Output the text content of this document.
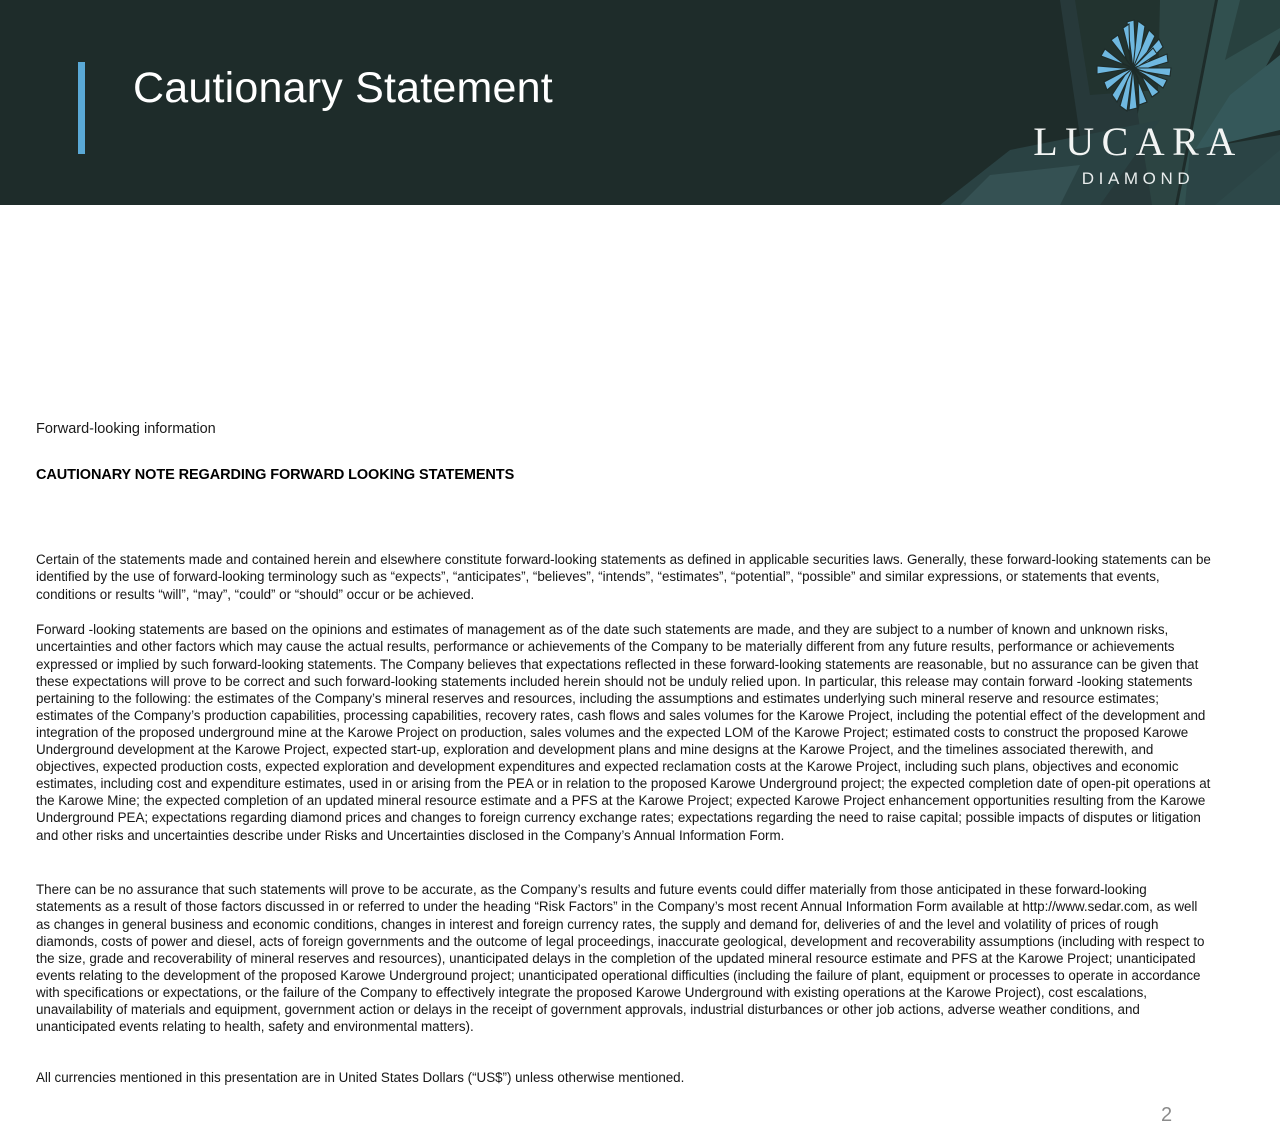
Cautionary Statement
LUCARA
DIAMOND
Forward-looking information
CAUTIONARY NOTE REGARDING FORWARD LOOKING STATEMENTS

Certain of the statements made and contained herein and elsewhere constitute forward-looking statements as defined in applicable securities laws. Generally, these forward-looking statements can be identified by the use of forward-looking terminology such as “expects”, “anticipates”, “believes”, “intends”, “estimates”, “potential”, “possible” and similar expressions, or statements that events, conditions or results “will”, “may”, “could” or “should” occur or be achieved.

Forward -looking statements are based on the opinions and estimates of management as of the date such statements are made, and they are subject to a number of known and unknown risks, uncertainties and other factors which may cause the actual results, performance or achievements of the Company to be materially different from any future results, performance or achievements expressed or implied by such forward-looking statements. The Company believes that expectations reflected in these forward-looking statements are reasonable, but no assurance can be given that these expectations will prove to be correct and such forward-looking statements included herein should not be unduly relied upon. In particular, this release may contain forward -looking statements pertaining to the following: the estimates of the Company’s mineral reserves and resources, including the assumptions and estimates underlying such mineral reserve and resource estimates; estimates of the Company’s production capabilities, processing capabilities, recovery rates, cash flows and sales volumes for the Karowe Project, including the potential effect of the development and integration of the proposed underground mine at the Karowe Project on production, sales volumes and the expected LOM of the Karowe Project; estimated costs to construct the proposed Karowe Underground development at the Karowe Project, expected start-up, exploration and development plans and mine designs at the Karowe Project, and the timelines associated therewith, and objectives, expected production costs, expected exploration and development expenditures and expected reclamation costs at the Karowe Project, including such plans, objectives and economic estimates, including cost and expenditure estimates, used in or arising from the PEA or in relation to the proposed Karowe Underground project; the expected completion date of open-pit operations at the Karowe Mine; the expected completion of an updated mineral resource estimate and a PFS at the Karowe Project; expected Karowe Project enhancement opportunities resulting from the Karowe Underground PEA; expectations regarding diamond prices and changes to foreign currency exchange rates; expectations regarding the need to raise capital; possible impacts of disputes or litigation and other risks and uncertainties describe under Risks and Uncertainties disclosed in the Company’s Annual Information Form.

There can be no assurance that such statements will prove to be accurate, as the Company’s results and future events could differ materially from those anticipated in these forward-looking statements as a result of those factors discussed in or referred to under the heading “Risk Factors” in the Company’s most recent Annual Information Form available at http://www.sedar.com, as well as changes in general business and economic conditions, changes in interest and foreign currency rates, the supply and demand for, deliveries of and the level and volatility of prices of rough diamonds, costs of power and diesel, acts of foreign governments and the outcome of legal proceedings, inaccurate geological, development and recoverability assumptions (including with respect to the size, grade and recoverability of mineral reserves and resources), unanticipated delays in the completion of the updated mineral resource estimate and PFS at the Karowe Project; unanticipated events relating to the development of the proposed Karowe Underground project; unanticipated operational difficulties (including the failure of plant, equipment or processes to operate in accordance with specifications or expectations, or the failure of the Company to effectively integrate the proposed Karowe Underground with existing operations at the Karowe Project), cost escalations, unavailability of materials and equipment, government action or delays in the receipt of government approvals, industrial disturbances or other job actions, adverse weather conditions, and unanticipated events relating to health, safety and environmental matters).

All currencies mentioned in this presentation are in United States Dollars (“US$”) unless otherwise mentioned.

2
